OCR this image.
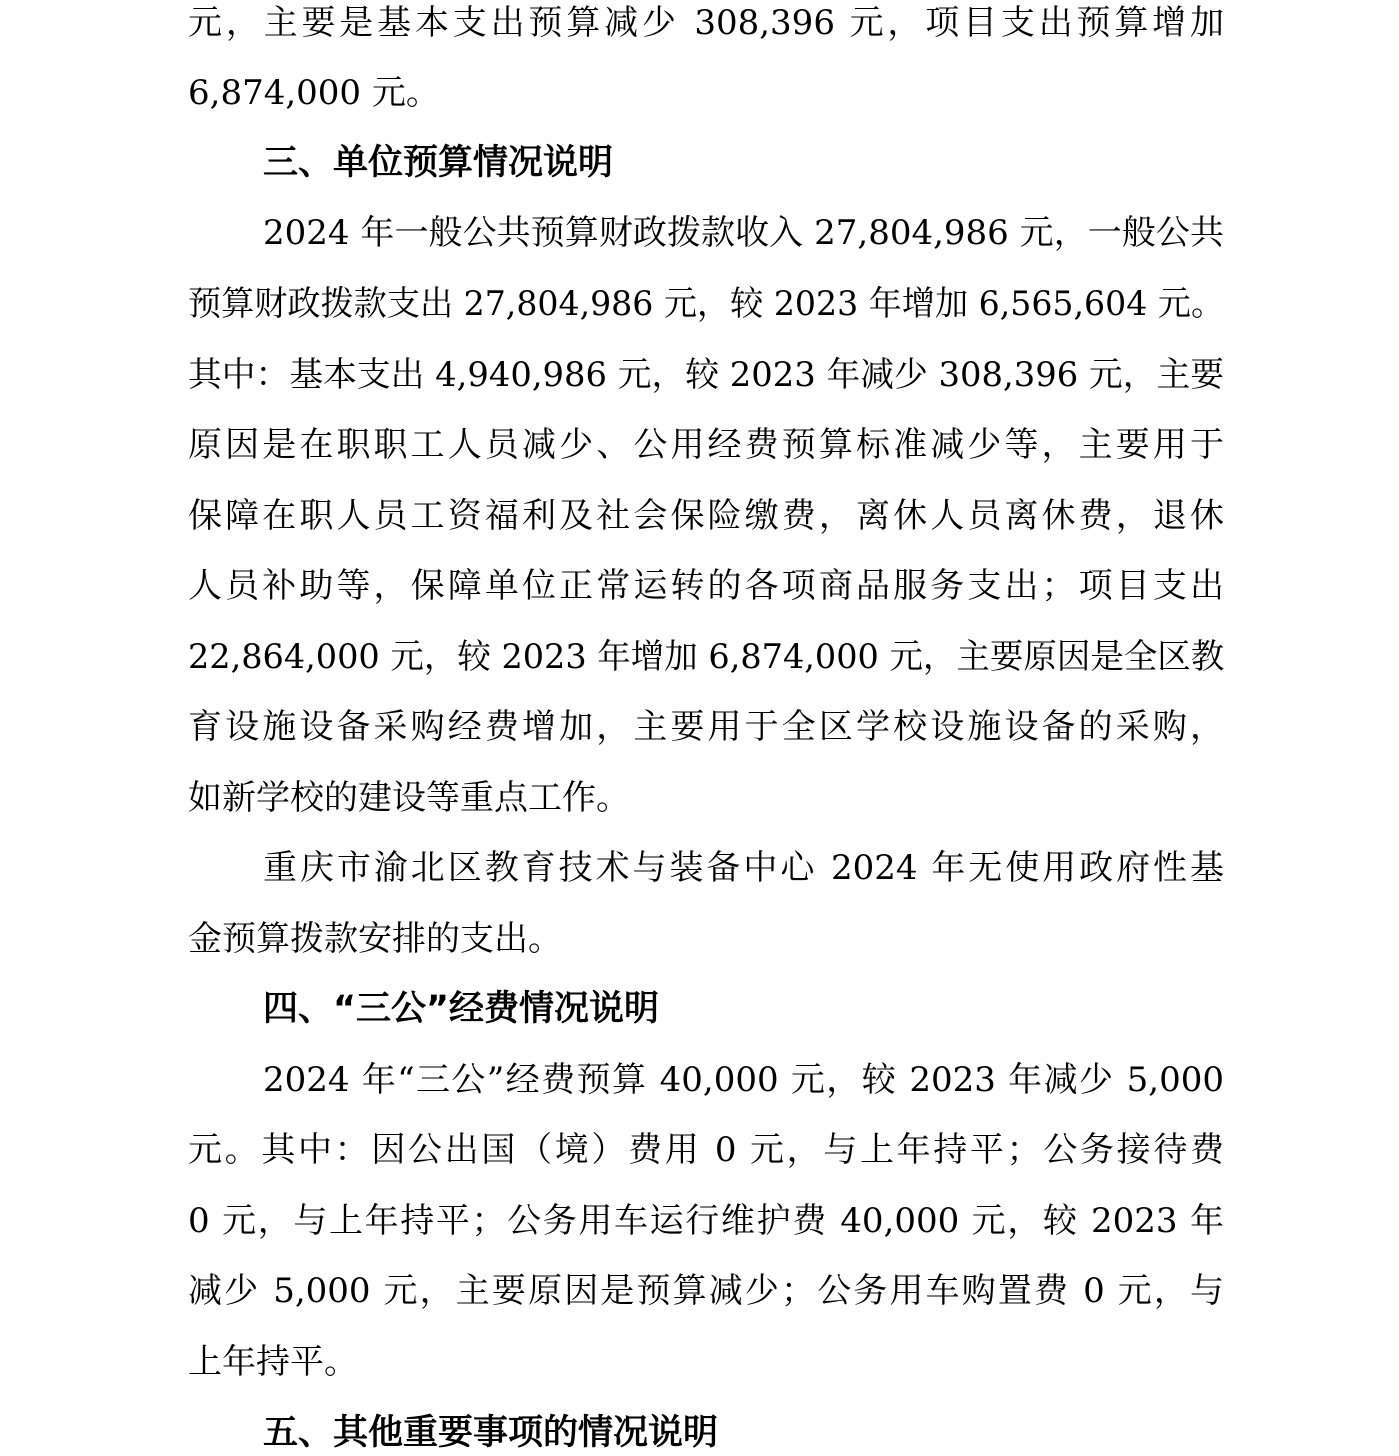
元，主要是基本支出预算减少 308,396 元，项目支出预算增加
6,874,000 元。
三、单位预算情况说明
2024 年一般公共预算财政拨款收入 27,804,986 元，一般公共
预算财政拨款支出 27,804,986 元，较 2023 年增加 6,565,604 元。
其中：基本支出 4,940,986 元，较 2023 年减少 308,396 元，主要
原因是在职职工人员减少、公用经费预算标准减少等，主要用于
保障在职人员工资福利及社会保险缴费，离休人员离休费，退休
人员补助等，保障单位正常运转的各项商品服务支出；项目支出
22,864,000 元，较 2023 年增加 6,874,000 元，主要原因是全区教
育设施设备采购经费增加，主要用于全区学校设施设备的采购，
如新学校的建设等重点工作。
重庆市渝北区教育技术与装备中心 2024 年无使用政府性基
金预算拨款安排的支出。
四、“三公”经费情况说明
2024 年“三公”经费预算 40,000 元，较 2023 年减少 5,000
元。其中：因公出国（境）费用 0 元，与上年持平；公务接待费
0 元，与上年持平；公务用车运行维护费 40,000 元，较 2023 年
减少 5,000 元，主要原因是预算减少；公务用车购置费 0 元，与
上年持平。
五、其他重要事项的情况说明
